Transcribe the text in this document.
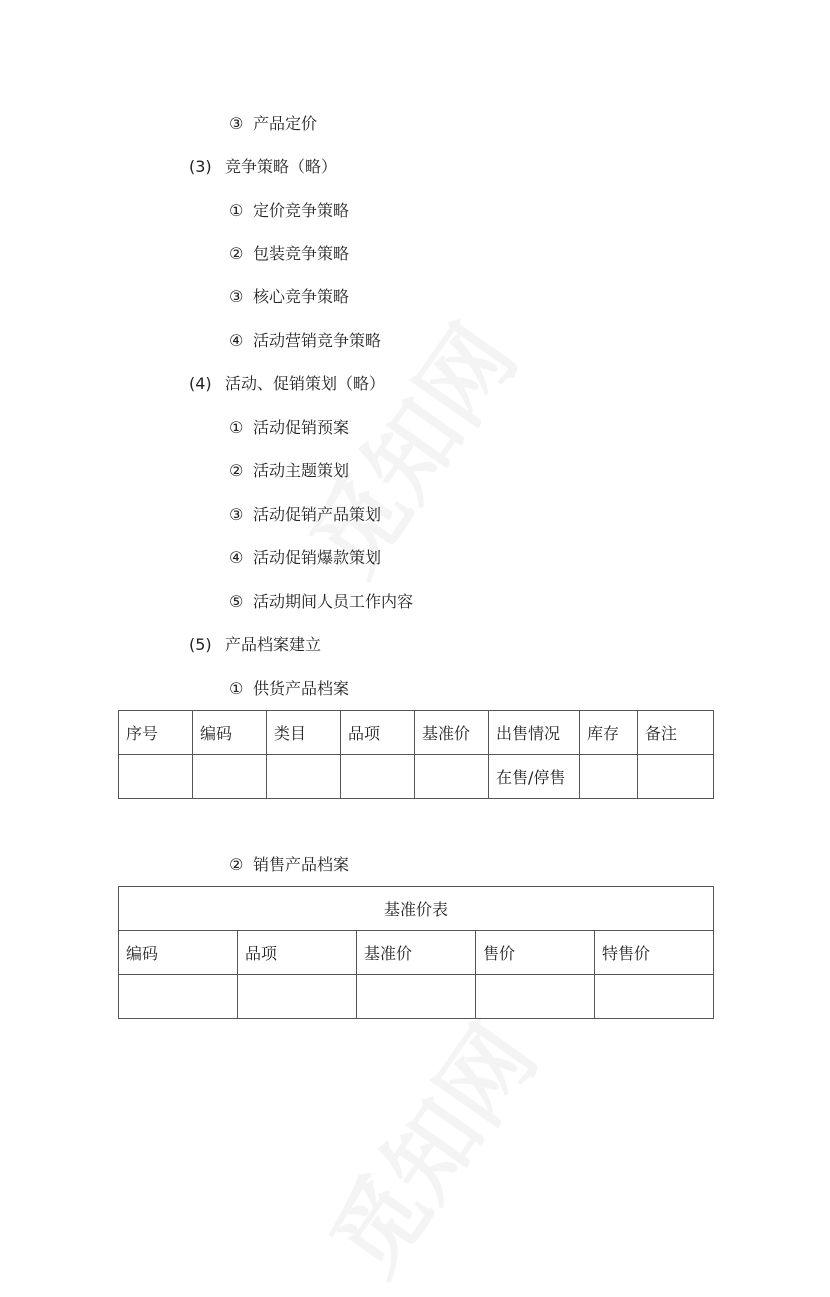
③ 产品定价
(3) 竞争策略（略）
① 定价竞争策略
② 包装竞争策略
③ 核心竞争策略
④ 活动营销竞争策略
(4) 活动、促销策划（略）
① 活动促销预案
② 活动主题策划
③ 活动促销产品策划
④ 活动促销爆款策划
⑤ 活动期间人员工作内容
(5) 产品档案建立
① 供货产品档案
序号	编码	类目	品项	基准价	出售情况	库存	备注
					在售/停售		
② 销售产品档案
基准价表				
编码	品项	基准价	售价	特售价
